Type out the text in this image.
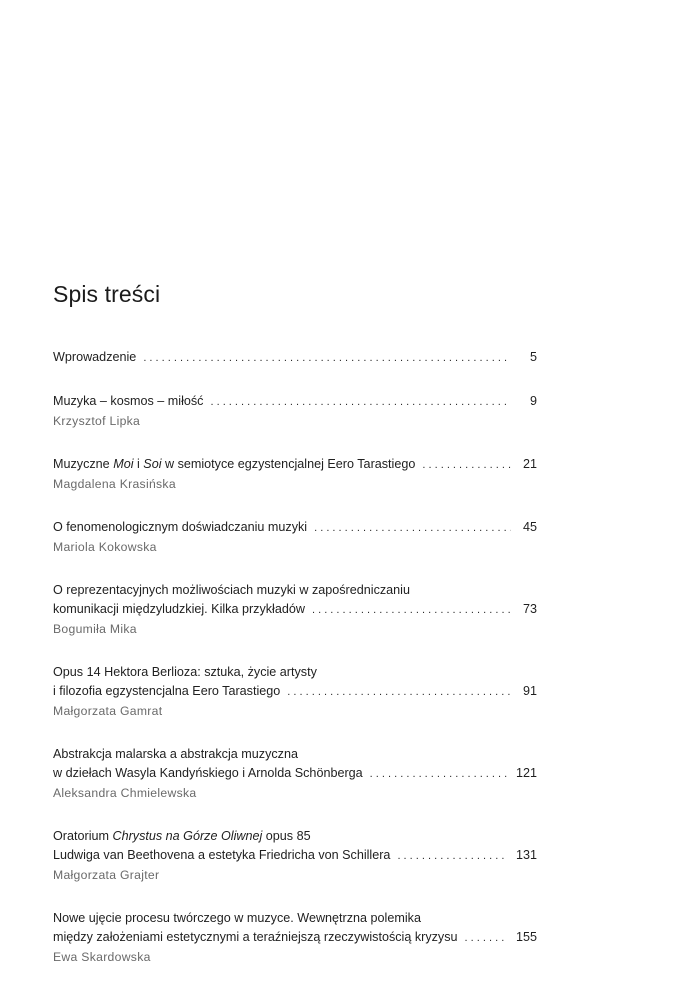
Spis treści
Wprowadzenie . . .	5
Muzyka – kosmos – miłość . . .	9
Krzysztof Lipka
Muzyczne Moi i Soi w semiotyce egzystencjalnej Eero Tarastiego . . .	21
Magdalena Krasińska
O fenomenologicznym doświadczaniu muzyki . . .	45
Mariola Kokowska
O reprezentacyjnych możliwościach muzyki w zapośredniczaniu
komunikacji międzyludzkiej. Kilka przykładów . . .	73
Bogumiła Mika
Opus 14 Hektora Berlioza: sztuka, życie artysty
i filozofia egzystencjalna Eero Tarastiego . . .	91
Małgorzata Gamrat
Abstrakcja malarska a abstrakcja muzyczna
w dziełach Wasyla Kandyńskiego i Arnolda Schönberga . . .	121
Aleksandra Chmielewska
Oratorium Chrystus na Górze Oliwnej opus 85
Ludwiga van Beethovena a estetyka Friedricha von Schillera . . .	131
Małgorzata Grajter
Nowe ujęcie procesu twórczego w muzyce. Wewnętrzna polemika
między założeniami estetycznymi a teraźniejszą rzeczywistością kryzysu . . .	155
Ewa Skardowska
